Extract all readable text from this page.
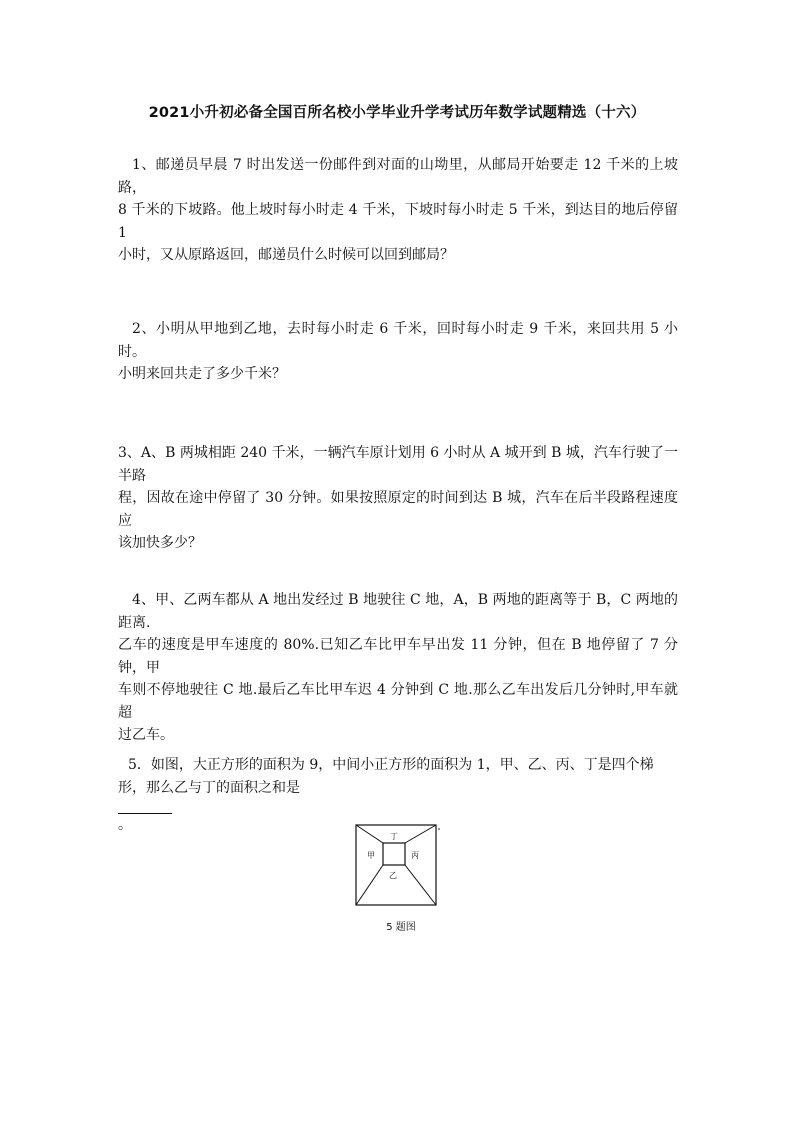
2021小升初必备全国百所名校小学毕业升学考试历年数学试题精选（十六）
1、邮递员早晨 7 时出发送一份邮件到对面的山坳里，从邮局开始要走 12 千米的上坡路，
8 千米的下坡路。他上坡时每小时走 4 千米，下坡时每小时走 5 千米，到达目的地后停留 1
小时，又从原路返回，邮递员什么时候可以回到邮局？
2、小明从甲地到乙地，去时每小时走 6 千米，回时每小时走 9 千米，来回共用 5 小时。
小明来回共走了多少千米？
3、A、B 两城相距 240 千米，一辆汽车原计划用 6 小时从 A 城开到 B 城，汽车行驶了一半路
程，因故在途中停留了 30 分钟。如果按照原定的时间到达 B 城，汽车在后半段路程速度应
该加快多少？
4、甲、乙两车都从 A 地出发经过 B 地驶往 C 地，A，B 两地的距离等于 B，C 两地的距离.
乙车的速度是甲车速度的 80%.已知乙车比甲车早出发 11 分钟，但在 B 地停留了 7 分钟，甲
车则不停地驶往 C 地.最后乙车比甲车迟 4 分钟到 C 地.那么乙车出发后几分钟时,甲车就超
过乙车。
5．如图，大正方形的面积为 9，中间小正方形的面积为 1，甲、乙、丙、丁是四个梯
形，那么乙与丁的面积之和是
。
丁
甲	丙
乙
5 题图
